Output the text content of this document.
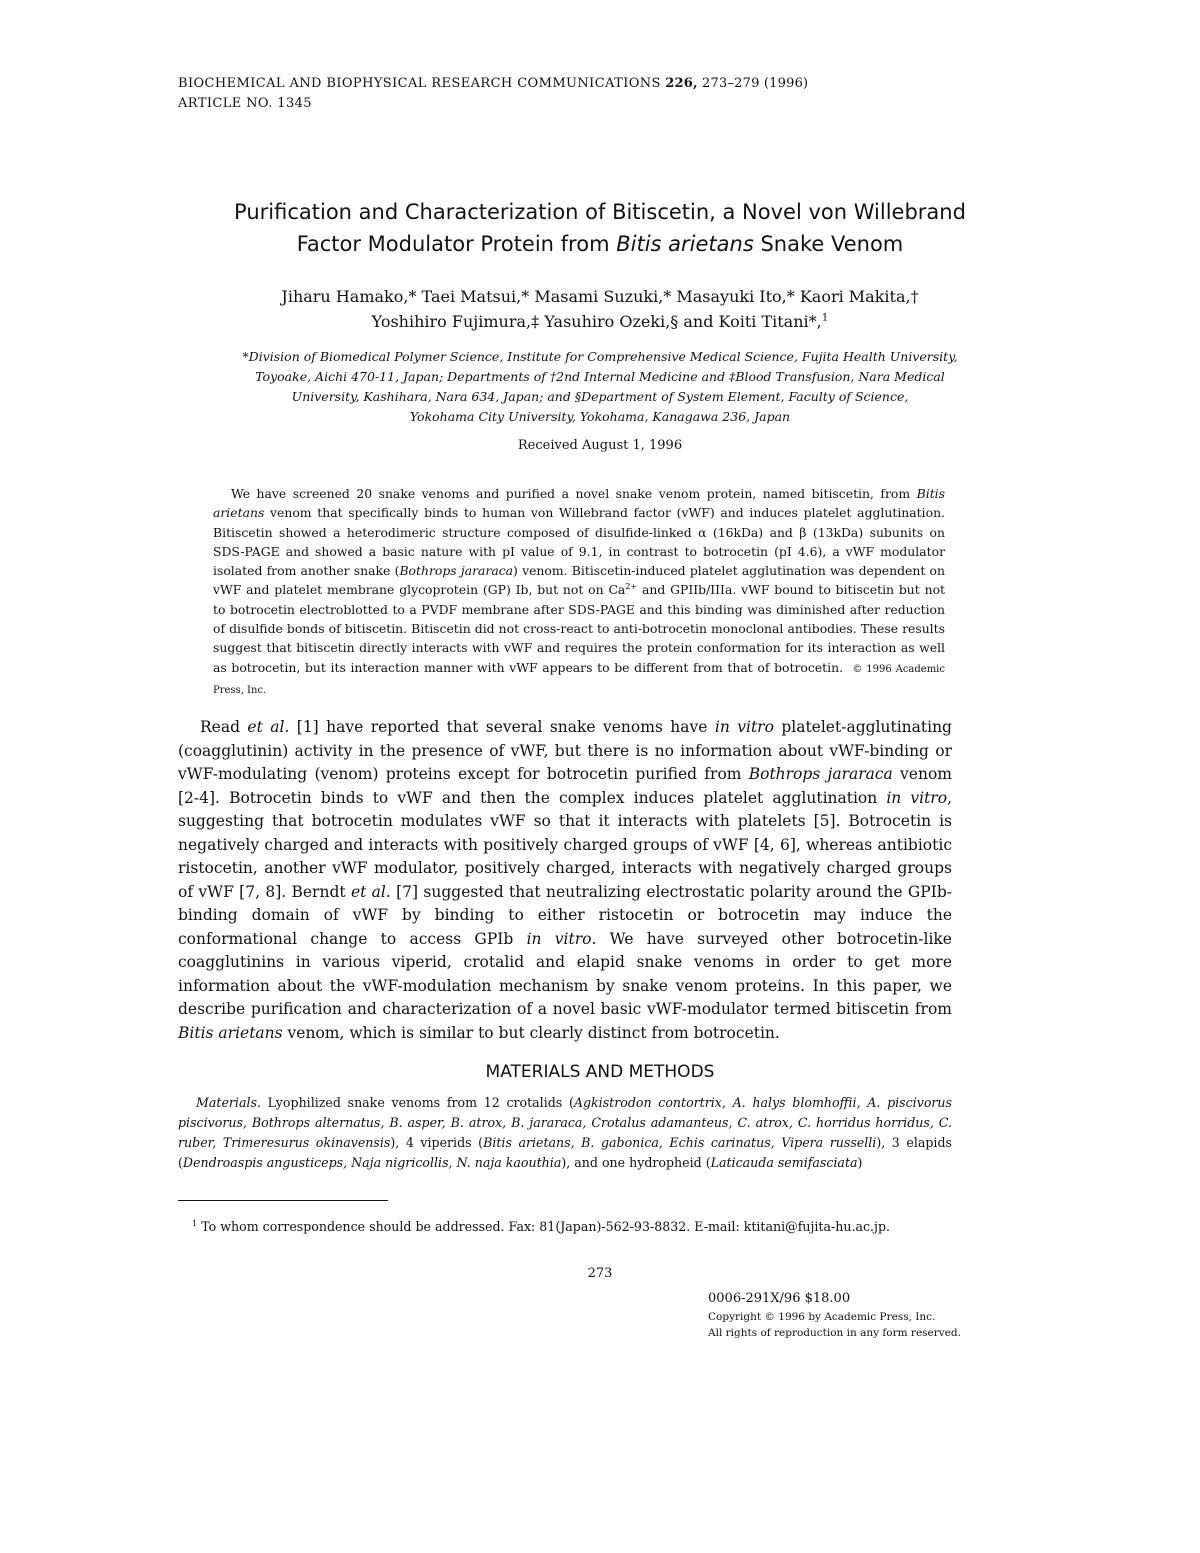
BIOCHEMICAL AND BIOPHYSICAL RESEARCH COMMUNICATIONS 226, 273–279 (1996)
ARTICLE NO. 1345
Purification and Characterization of Bitiscetin, a Novel von Willebrand
Factor Modulator Protein from Bitis arietans Snake Venom
Jiharu Hamako,* Taei Matsui,* Masami Suzuki,* Masayuki Ito,* Kaori Makita,†
Yoshihiro Fujimura,‡ Yasuhiro Ozeki,§ and Koiti Titani*,$^1$
*Division of Biomedical Polymer Science, Institute for Comprehensive Medical Science, Fujita Health University,
Toyoake, Aichi 470-11, Japan; Departments of †2nd Internal Medicine and ‡Blood Transfusion, Nara Medical
University, Kashihara, Nara 634, Japan; and §Department of System Element, Faculty of Science,
Yokohama City University, Yokohama, Kanagawa 236, Japan
Received August 1, 1996

We have screened 20 snake venoms and purified a novel snake venom protein, named bitiscetin, from Bitis arietans venom that specifically binds to human von Willebrand factor (vWF) and induces platelet agglutination. Bitiscetin showed a heterodimeric structure composed of disulfide-linked α (16kDa) and β (13kDa) subunits on SDS-PAGE and showed a basic nature with pI value of 9.1, in contrast to botrocetin (pI 4.6), a vWF modulator isolated from another snake (Bothrops jararaca) venom. Bitiscetin-induced platelet agglutination was dependent on vWF and platelet membrane glycoprotein (GP) Ib, but not on $Ca^{2+}$ and GPIIb/IIIa. vWF bound to bitiscetin but not to botrocetin electroblotted to a PVDF membrane after SDS-PAGE and this binding was diminished after reduction of disulfide bonds of bitiscetin. Bitiscetin did not cross-react to anti-botrocetin monoclonal antibodies. These results suggest that bitiscetin directly interacts with vWF and requires the protein conformation for its interaction as well as botrocetin, but its interaction manner with vWF appears to be different from that of botrocetin. © 1996 Academic Press, Inc.

Read et al. [1] have reported that several snake venoms have in vitro platelet-agglutinating (coagglutinin) activity in the presence of vWF, but there is no information about vWF-binding or vWF-modulating (venom) proteins except for botrocetin purified from Bothrops jararaca venom [2-4]. Botrocetin binds to vWF and then the complex induces platelet agglutination in vitro, suggesting that botrocetin modulates vWF so that it interacts with platelets [5]. Botrocetin is negatively charged and interacts with positively charged groups of vWF [4, 6], whereas antibiotic ristocetin, another vWF modulator, positively charged, interacts with negatively charged groups of vWF [7, 8]. Berndt et al. [7] suggested that neutralizing electrostatic polarity around the GPIb-binding domain of vWF by binding to either ristocetin or botrocetin may induce the conformational change to access GPIb in vitro. We have surveyed other botrocetin-like coagglutinins in various viperid, crotalid and elapid snake venoms in order to get more information about the vWF-modulation mechanism by snake venom proteins. In this paper, we describe purification and characterization of a novel basic vWF-modulator termed bitiscetin from Bitis arietans venom, which is similar to but clearly distinct from botrocetin.

MATERIALS AND METHODS

Materials. Lyophilized snake venoms from 12 crotalids (Agkistrodon contortrix, A. halys blomhoffii, A. piscivorus piscivorus, Bothrops alternatus, B. asper, B. atrox, B. jararaca, Crotalus adamanteus, C. atrox, C. horridus horridus, C. ruber, Trimeresurus okinavensis), 4 viperids (Bitis arietans, B. gabonica, Echis carinatus, Vipera russelli), 3 elapids (Dendroaspis angusticeps, Naja nigricollis, N. naja kaouthia), and one hydropheid (Laticauda semifasciata)

$^1$ To whom correspondence should be addressed. Fax: 81(Japan)-562-93-8832. E-mail: ktitani@fujita-hu.ac.jp.
273
0006-291X/96 $18.00
Copyright © 1996 by Academic Press, Inc.
All rights of reproduction in any form reserved.
